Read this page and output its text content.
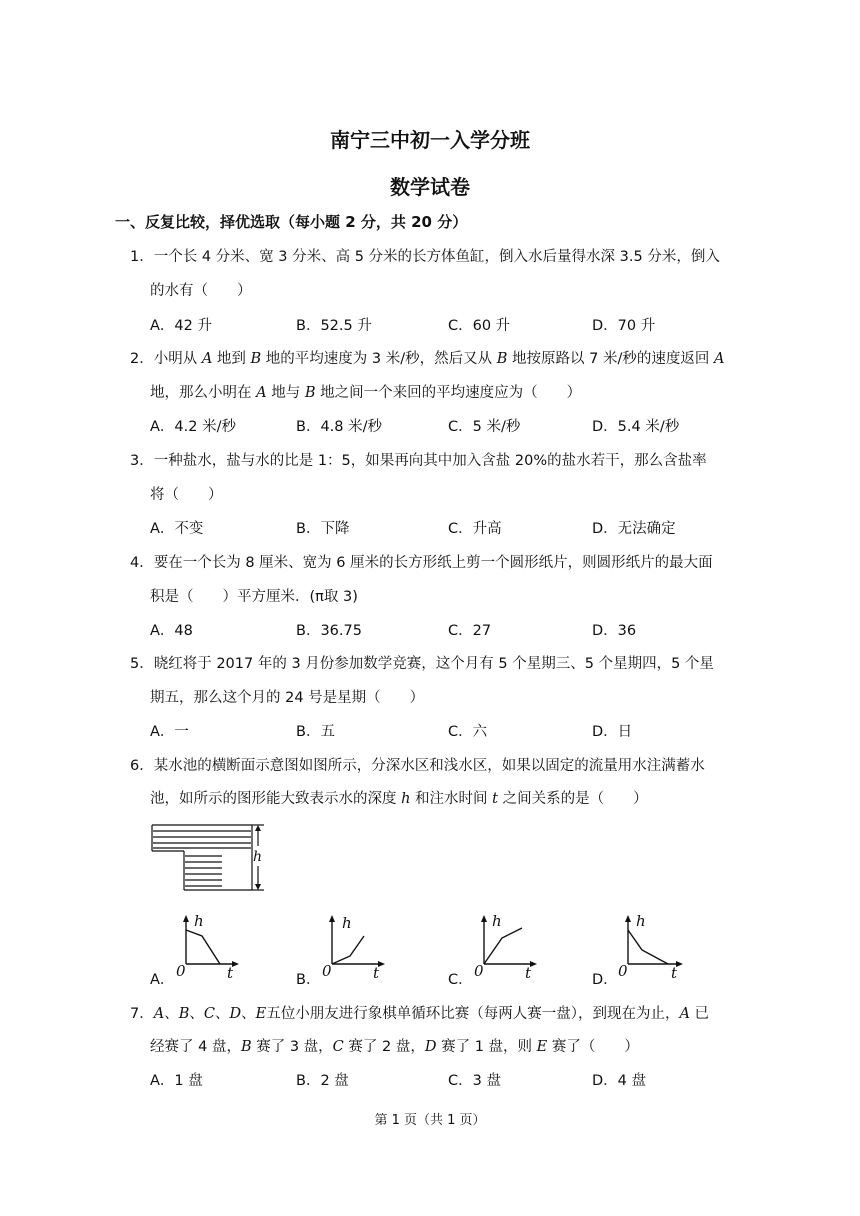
南宁三中初一入学分班
数学试卷
一、反复比较，择优选取（每小题 2 分，共 20 分）
1．一个长 4 分米、宽 3 分米、高 5 分米的长方体鱼缸，倒入水后量得水深 3.5 分米，倒入
的水有（　　）
A．42 升	B．52.5 升	C．60 升	D．70 升
2．小明从 A 地到 B 地的平均速度为 3 米/秒，然后又从 B 地按原路以 7 米/秒的速度返回 A
地，那么小明在 A 地与 B 地之间一个来回的平均速度应为（　　）
A．4.2 米/秒	B．4.8 米/秒	C．5 米/秒	D．5.4 米/秒
3．一种盐水，盐与水的比是 1：5，如果再向其中加入含盐 20%的盐水若干，那么含盐率
将（　　）
A．不变	B．下降	C．升高	D．无法确定
4．要在一个长为 8 厘米、宽为 6 厘米的长方形纸上剪一个圆形纸片，则圆形纸片的最大面
积是（　　）平方厘米．(π取 3)
A．48	B．36.75	C．27	D．36
5．晓红将于 2017 年的 3 月份参加数学竞赛，这个月有 5 个星期三、5 个星期四，5 个星
期五，那么这个月的 24 号是星期（　　）
A．一	B．五	C．六	D．日
6．某水池的横断面示意图如图所示，分深水区和浅水区，如果以固定的流量用水注满蓄水
池，如所示的图形能大致表示水的深度 h 和注水时间 t 之间关系的是（　　）
h
A．	B．	C．	D．
h
0	t
h
0	t
h
0	t
h
0	t
7．A、B、C、D、E五位小朋友进行象棋单循环比赛（每两人赛一盘），到现在为止，A 已
经赛了 4 盘，B 赛了 3 盘，C 赛了 2 盘，D 赛了 1 盘，则 E 赛了（　　）
A．1 盘	B．2 盘	C．3 盘	D．4 盘
第 1 页（共 1 页）
